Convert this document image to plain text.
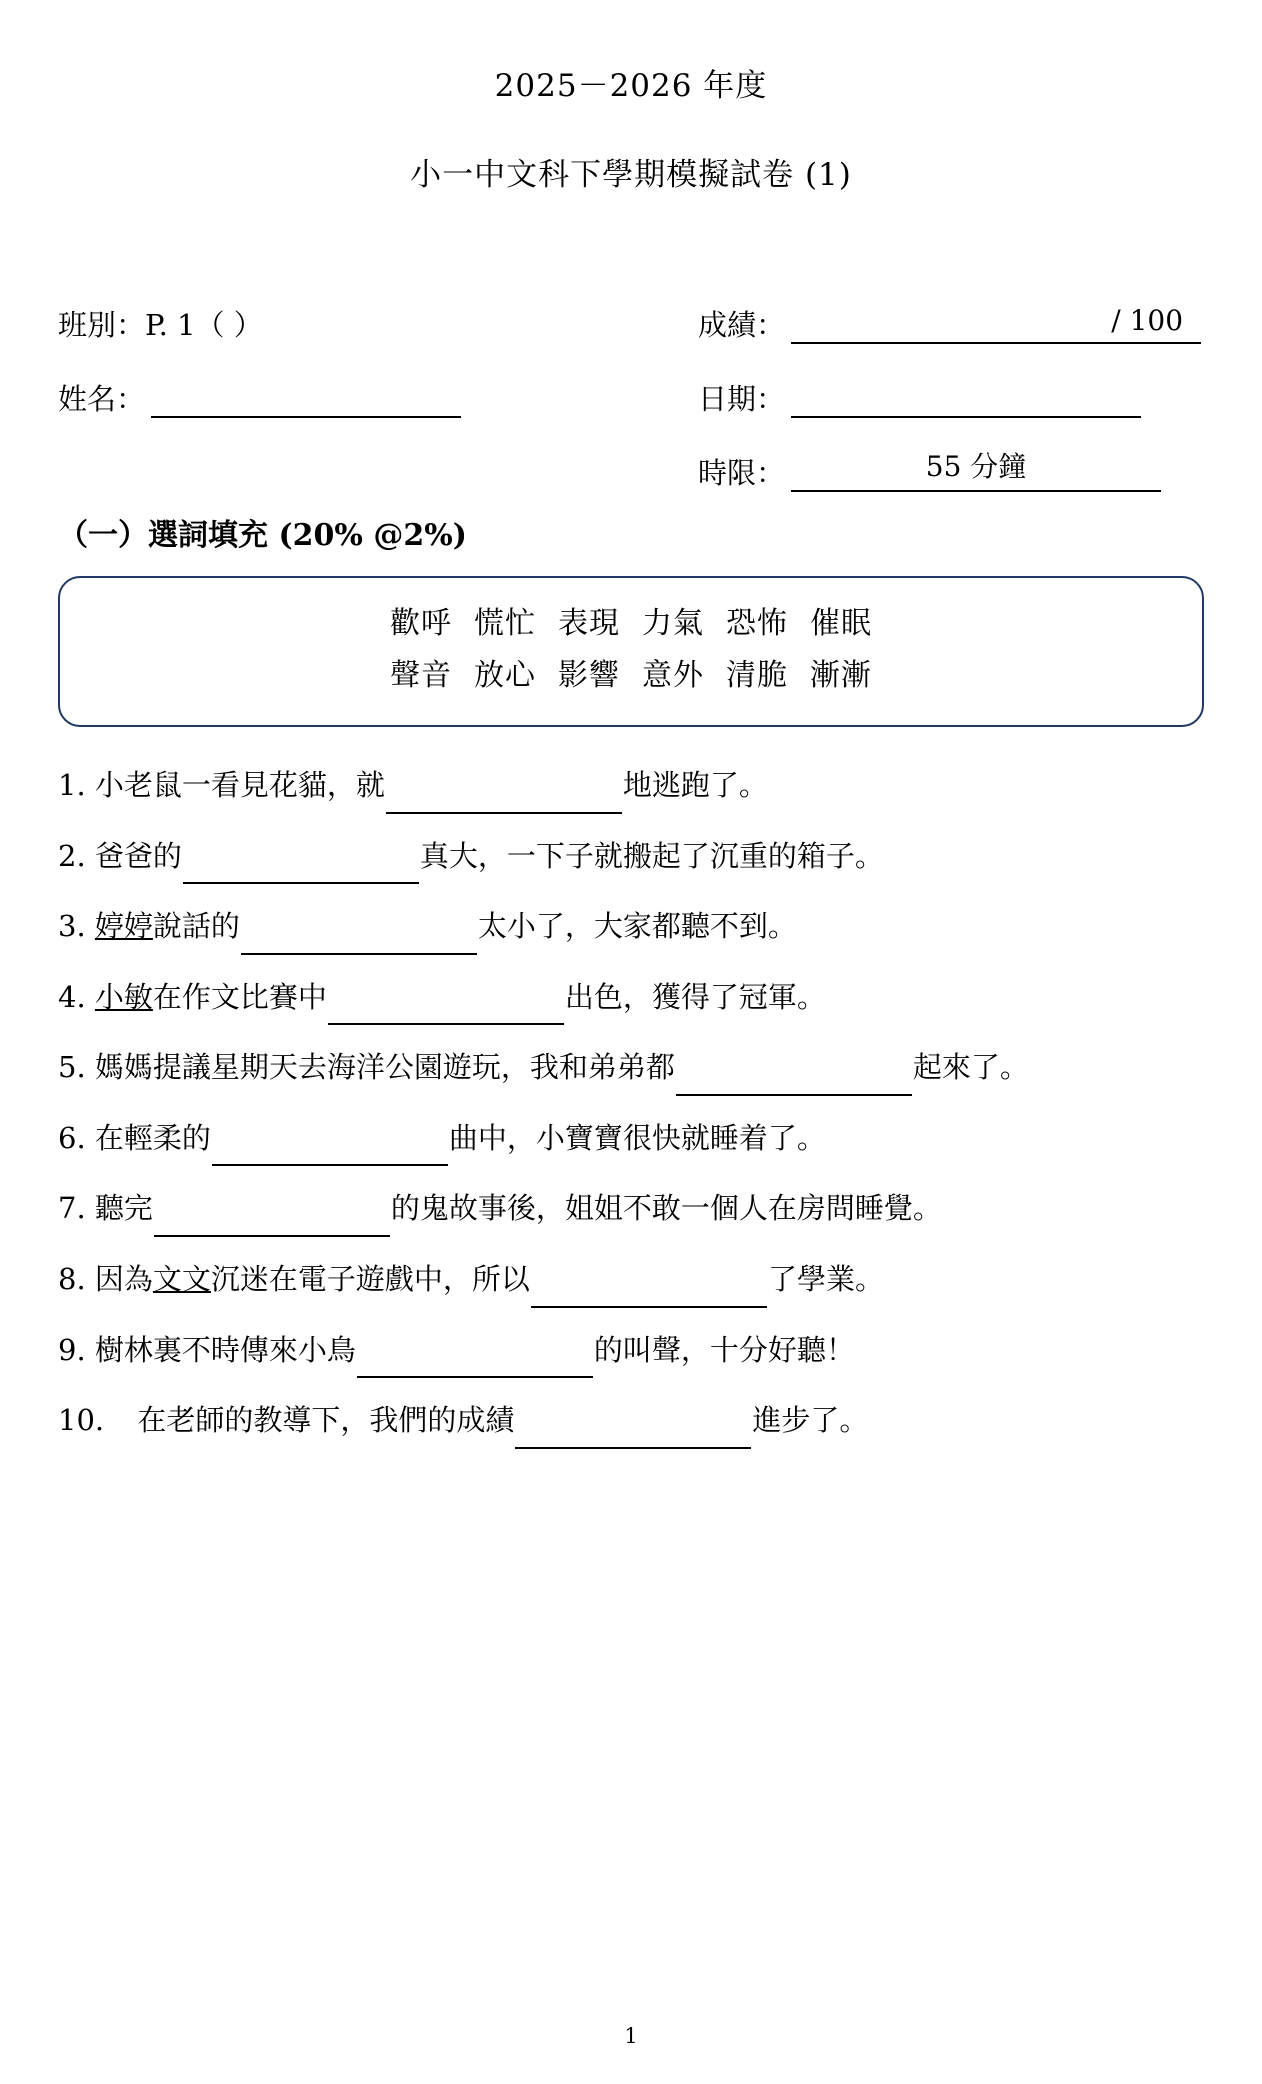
2025－2026 年度
小一中文科下學期模擬試卷 (1)
班別：P. 1（ ）
姓名：
成績：	/ 100
日期：
時限：	55 分鐘
（一）選詞填充 (20% @2%)
歡呼 慌忙 表現 力氣 恐怖 催眠
聲音 放心 影響 意外 清脆 漸漸
1. 小老鼠一看見花貓，就	地逃跑了。
2. 爸爸的	真大，一下子就搬起了沉重的箱子。
3. 婷婷說話的	太小了，大家都聽不到。
4. 小敏在作文比賽中	出色，獲得了冠軍。
5. 媽媽提議星期天去海洋公園遊玩，我和弟弟都	起來了。
6. 在輕柔的	曲中，小寶寶很快就睡着了。
7. 聽完	的鬼故事後，姐姐不敢一個人在房問睡覺。
8. 因為文文沉迷在電子遊戲中，所以	了學業。
9. 樹林裏不時傳來小鳥	的叫聲，十分好聽！
10. 在老師的教導下，我們的成績	進步了。
1
